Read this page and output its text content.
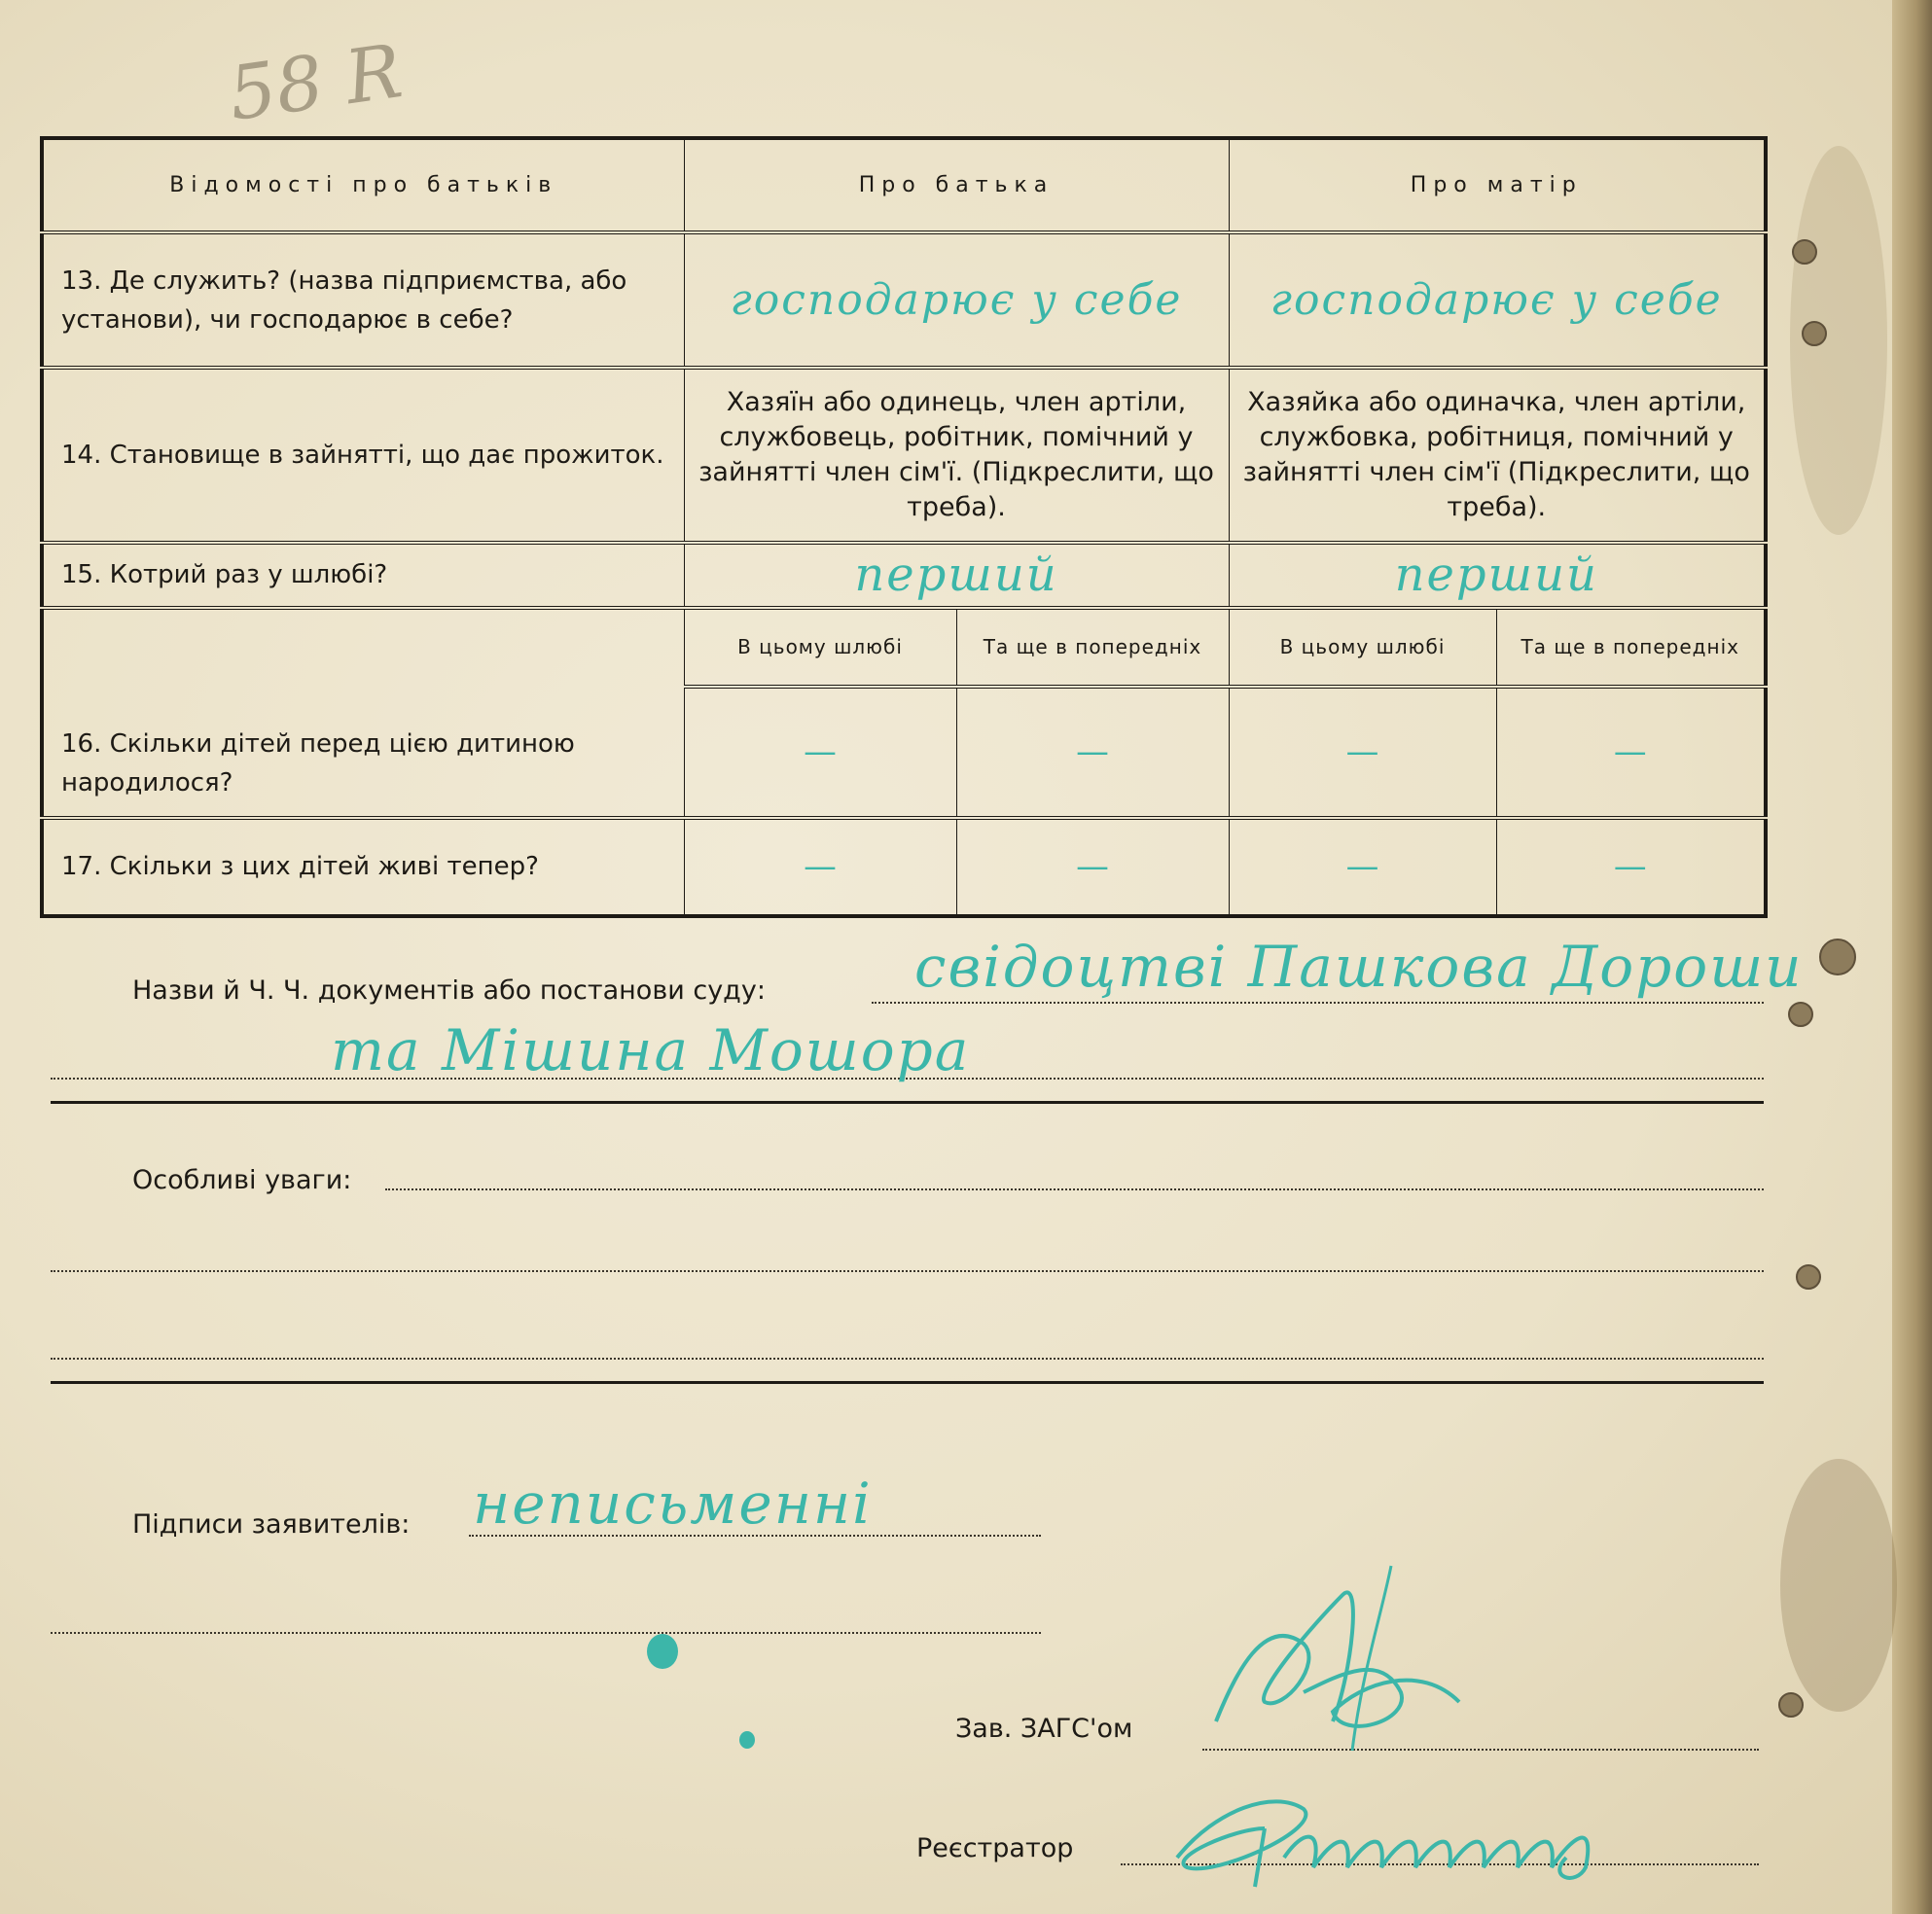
58 R
Відомості про батьків	Про батька		Про матір	
13. Де служить? (назва підприємства, або установи), чи господарює в себе?	господарює у себе		господарює у себе	
14. Становище в зайнятті, що дає прожиток.	Хазяїн або одинець, член артіли, службовець, робітник, помічний у зайнятті член сім'ї. (Підкреслити, що треба).		Хазяйка або одиначка, член артіли, службовка, робітниця, помічний у зайнятті член сім'ї (Підкреслити, що треба).	
15. Котрий раз у шлюбі?	перший		перший	
16. Скільки дітей перед цією дитиною народилося?	В цьому шлюбі	Та ще в попередніх	В цьому шлюбі	Та ще в попередніх
	—	—	—	—
17. Скільки з цих дітей живі тепер?	—	—	—	—
Назви й Ч. Ч. документів або постанови суду:	свідоцтві Пашкова Дороши
та Мішина Мошора
Особливі уваги:
Підписи заявителів: неписьменні
Зав. ЗАГС'ом
Реєстратор
